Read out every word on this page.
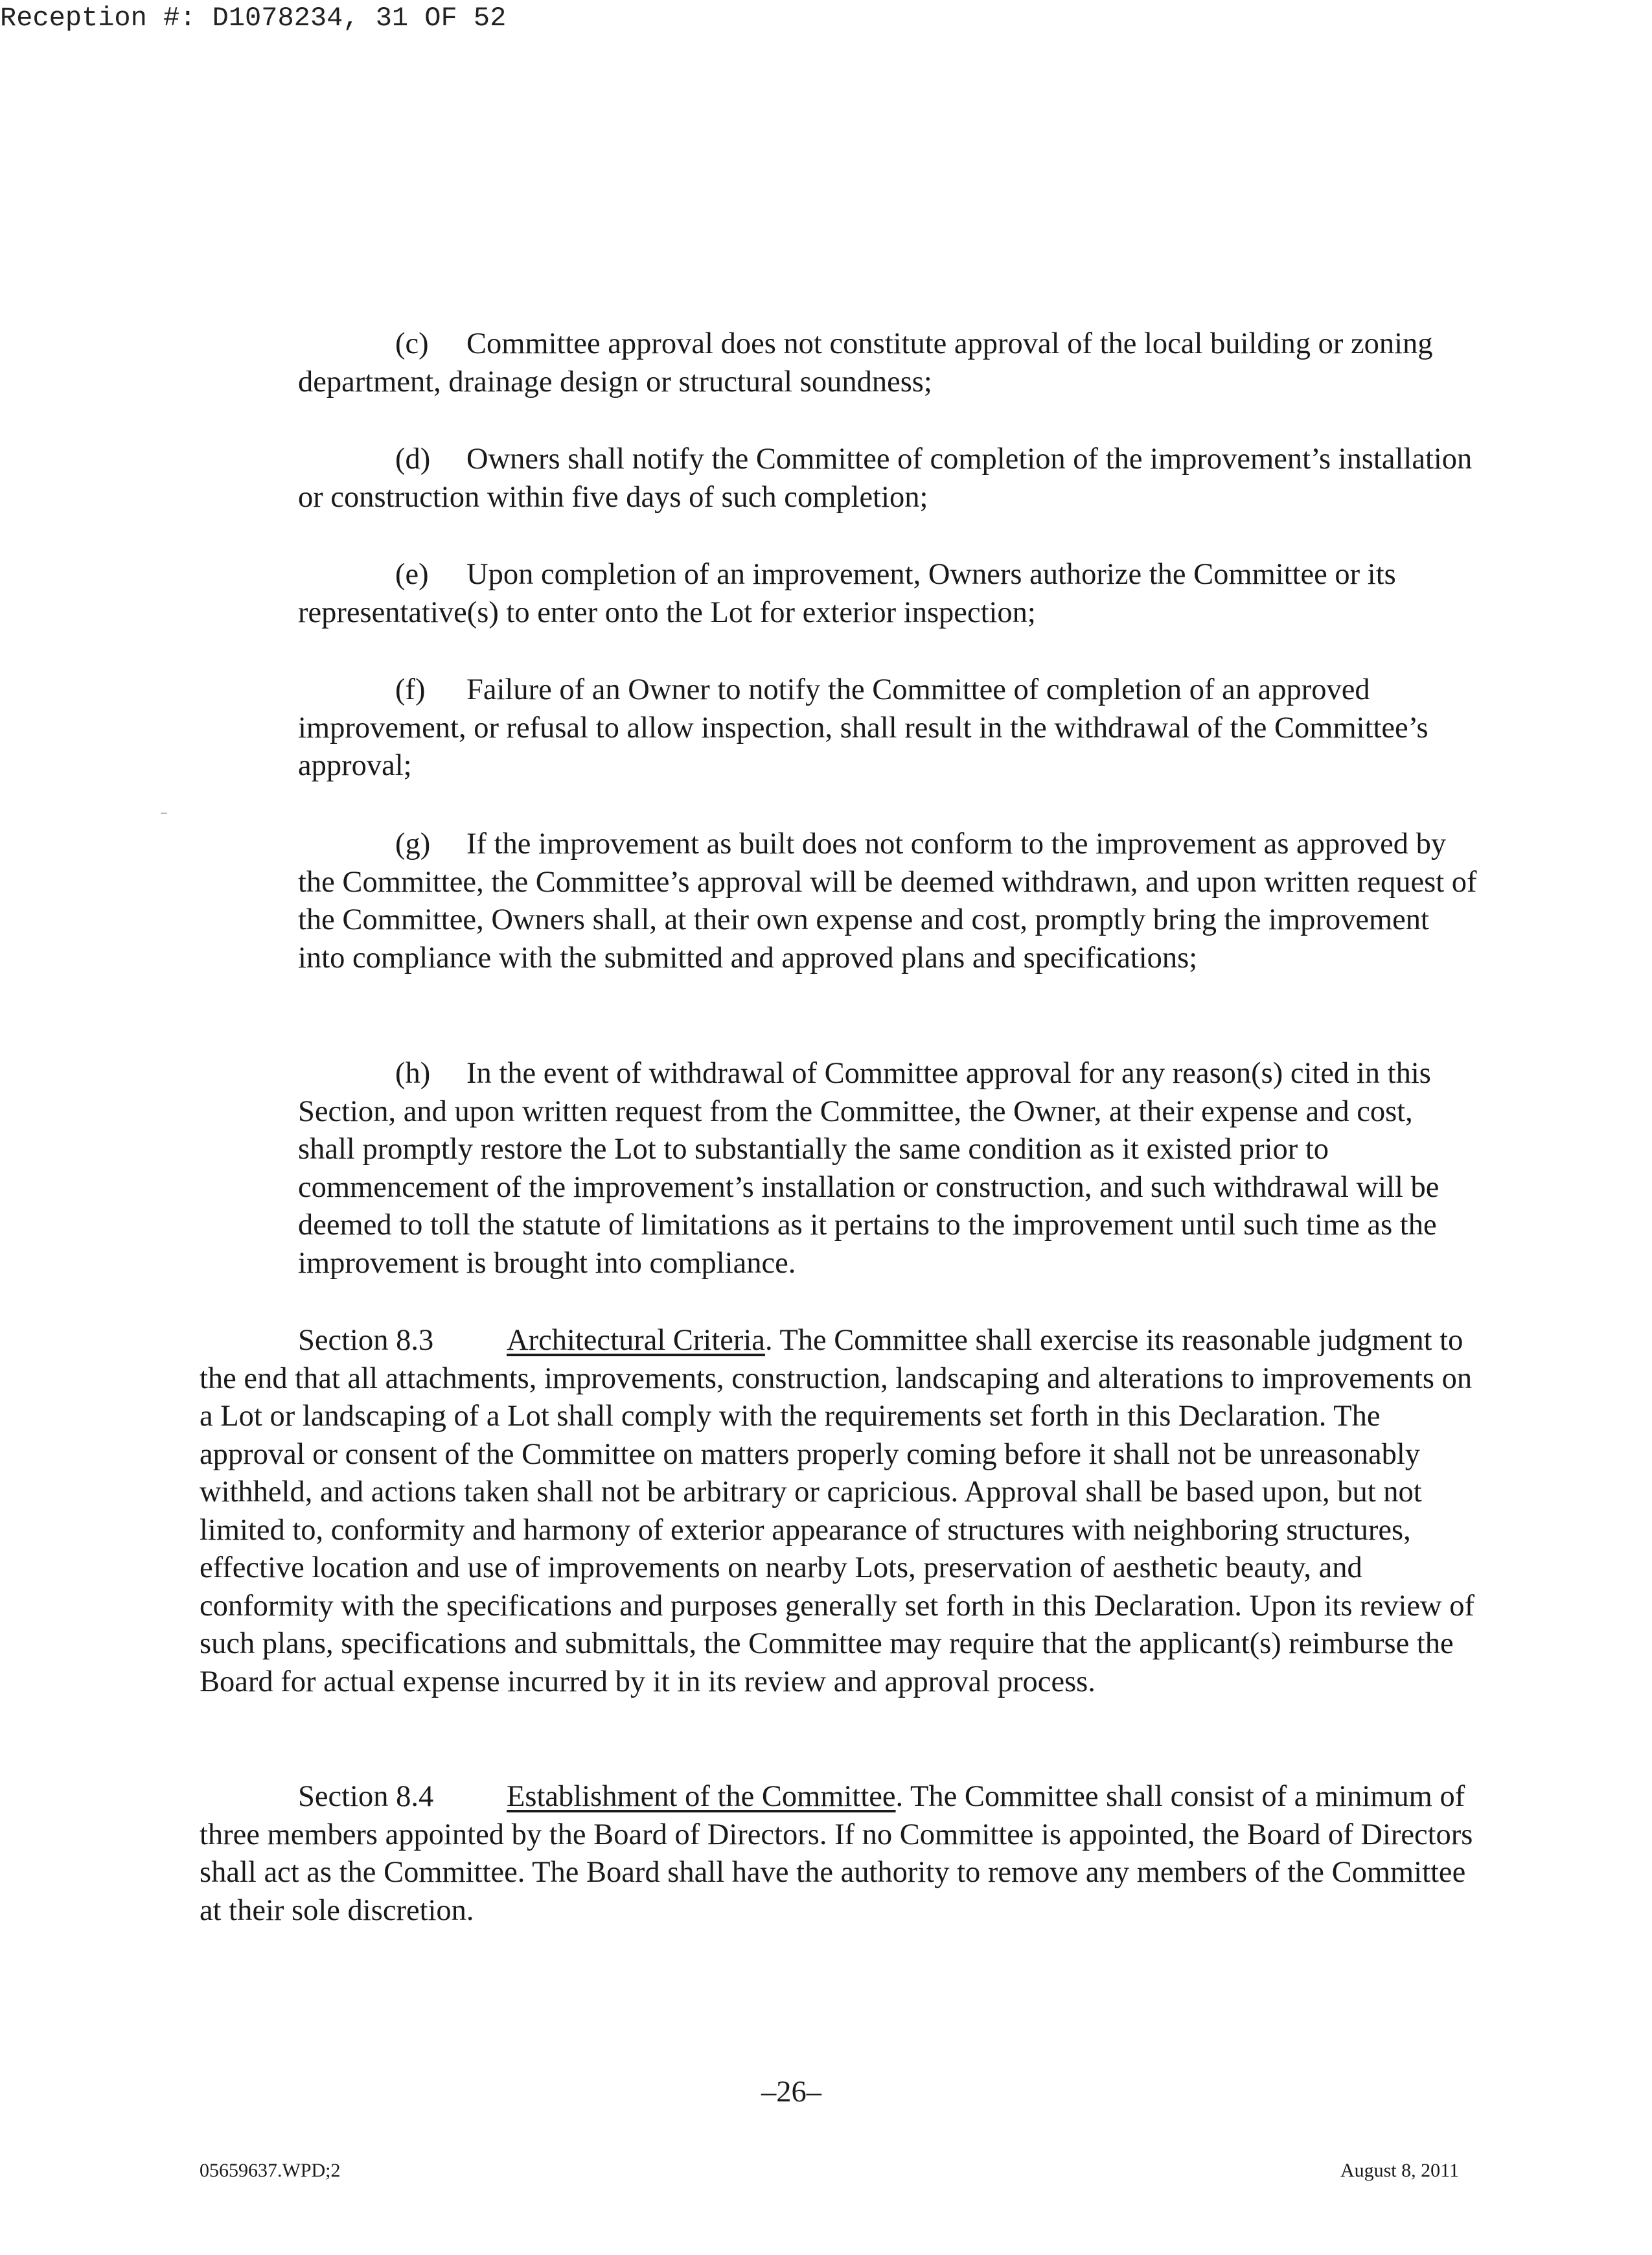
Reception #: D1078234, 31 OF 52

(c) Committee approval does not constitute approval of the local building or zoning department, drainage design or structural soundness;

(d) Owners shall notify the Committee of completion of the improvement’s installation or construction within five days of such completion;

(e) Upon completion of an improvement, Owners authorize the Committee or its representative(s) to enter onto the Lot for exterior inspection;

(f) Failure of an Owner to notify the Committee of completion of an approved improvement, or refusal to allow inspection, shall result in the withdrawal of the Committee’s approval;

(g) If the improvement as built does not conform to the improvement as approved by the Committee, the Committee’s approval will be deemed withdrawn, and upon written request of the Committee, Owners shall, at their own expense and cost, promptly bring the improvement into compliance with the submitted and approved plans and specifications;

(h) In the event of withdrawal of Committee approval for any reason(s) cited in this Section, and upon written request from the Committee, the Owner, at their expense and cost, shall promptly restore the Lot to substantially the same condition as it existed prior to commencement of the improvement’s installation or construction, and such withdrawal will be deemed to toll the statute of limitations as it pertains to the improvement until such time as the improvement is brought into compliance.

Section 8.3 Architectural Criteria. The Committee shall exercise its reasonable judgment to the end that all attachments, improvements, construction, landscaping and alterations to improvements on a Lot or landscaping of a Lot shall comply with the requirements set forth in this Declaration. The approval or consent of the Committee on matters properly coming before it shall not be unreasonably withheld, and actions taken shall not be arbitrary or capricious. Approval shall be based upon, but not limited to, conformity and harmony of exterior appearance of structures with neighboring structures, effective location and use of improvements on nearby Lots, preservation of aesthetic beauty, and conformity with the specifications and purposes generally set forth in this Declaration. Upon its review of such plans, specifications and submittals, the Committee may require that the applicant(s) reimburse the Board for actual expense incurred by it in its review and approval process.

Section 8.4 Establishment of the Committee. The Committee shall consist of a minimum of three members appointed by the Board of Directors. If no Committee is appointed, the Board of Directors shall act as the Committee. The Board shall have the authority to remove any members of the Committee at their sole discretion.

–26–
05659637.WPD;2	August 8, 2011
